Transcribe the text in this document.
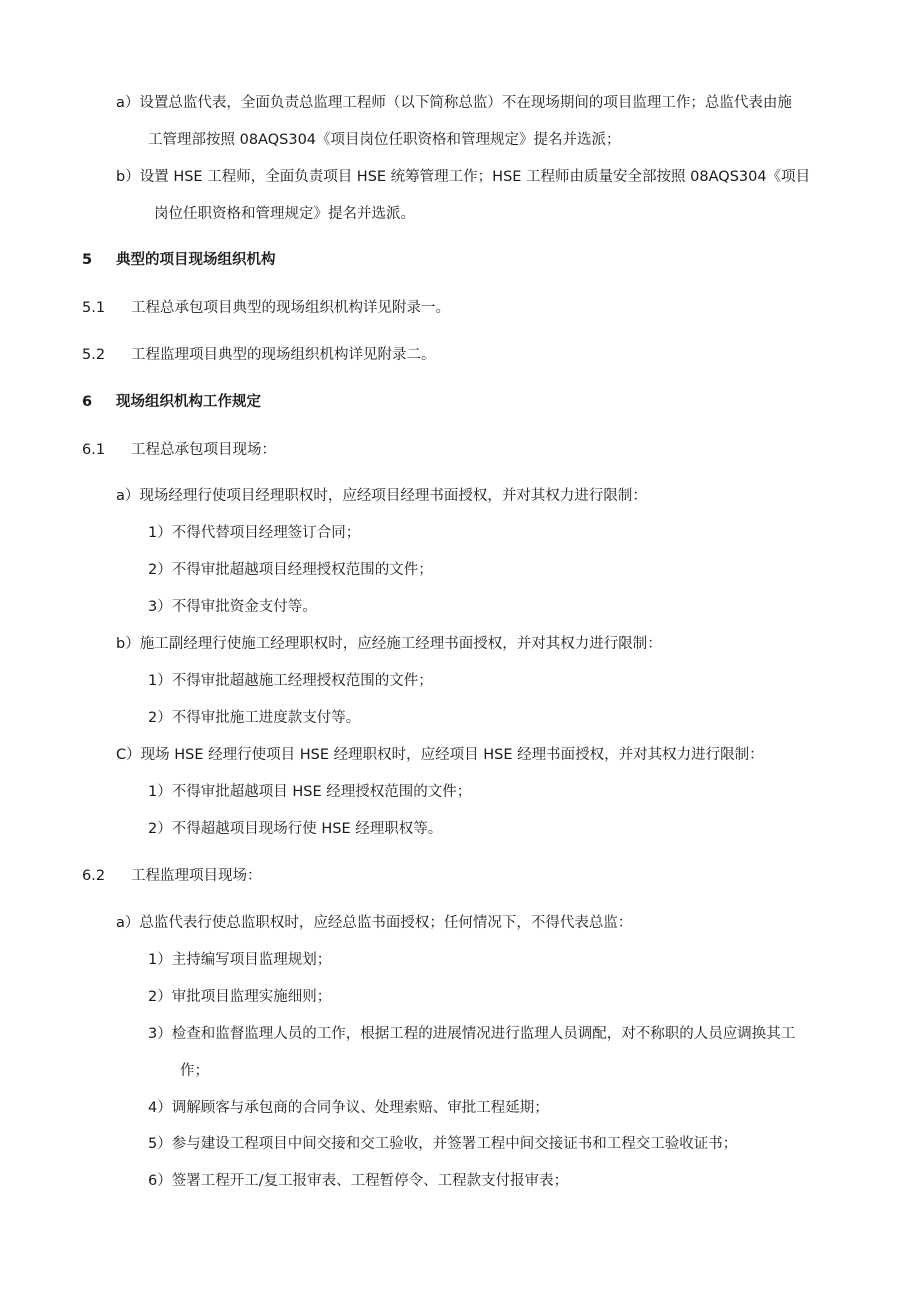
a）设置总监代表，全面负责总监理工程师（以下简称总监）不在现场期间的项目监理工作；总监代表由施
工管理部按照 08AQS304《项目岗位任职资格和管理规定》提名并选派；
b）设置 HSE 工程师，全面负责项目 HSE 统筹管理工作；HSE 工程师由质量安全部按照 08AQS304《项目
岗位任职资格和管理规定》提名并选派。
5 典型的项目现场组织机构
5.1 工程总承包项目典型的现场组织机构详见附录一。
5.2 工程监理项目典型的现场组织机构详见附录二。
6 现场组织机构工作规定
6.1 工程总承包项目现场：
a）现场经理行使项目经理职权时，应经项目经理书面授权，并对其权力进行限制：
1）不得代替项目经理签订合同；
2）不得审批超越项目经理授权范围的文件；
3）不得审批资金支付等。
b）施工副经理行使施工经理职权时，应经施工经理书面授权，并对其权力进行限制：
1）不得审批超越施工经理授权范围的文件；
2）不得审批施工进度款支付等。
C）现场 HSE 经理行使项目 HSE 经理职权时，应经项目 HSE 经理书面授权，并对其权力进行限制：
1）不得审批超越项目 HSE 经理授权范围的文件；
2）不得超越项目现场行使 HSE 经理职权等。
6.2 工程监理项目现场：
a）总监代表行使总监职权时，应经总监书面授权；任何情况下，不得代表总监：
1）主持编写项目监理规划；
2）审批项目监理实施细则；
3）检查和监督监理人员的工作，根据工程的进展情况进行监理人员调配，对不称职的人员应调换其工
作；
4）调解顾客与承包商的合同争议、处理索赔、审批工程延期；
5）参与建设工程项目中间交接和交工验收，并签署工程中间交接证书和工程交工验收证书；
6）签署工程开工/复工报审表、工程暂停令、工程款支付报审表；
